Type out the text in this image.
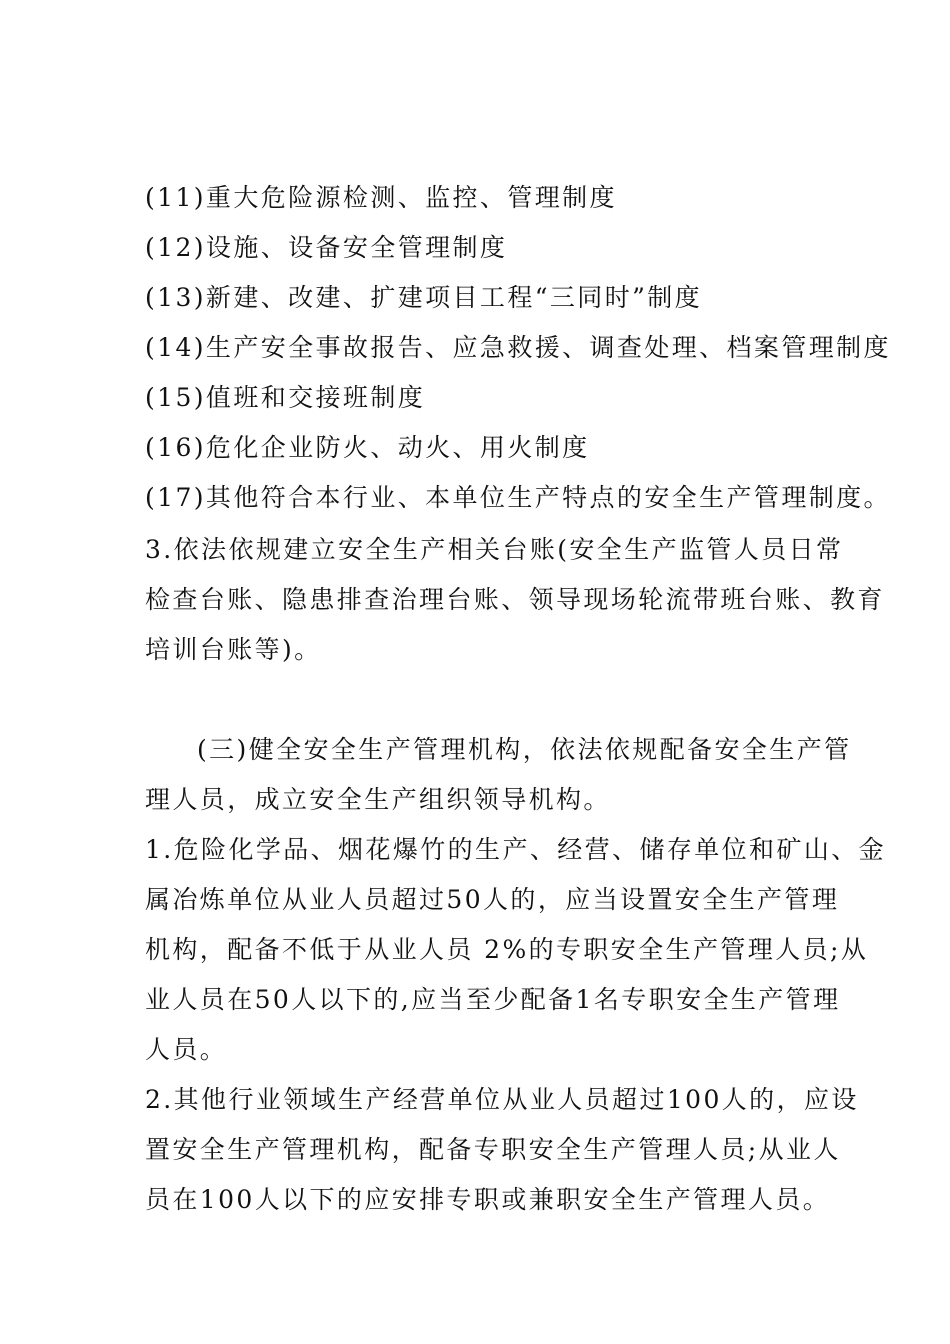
(11)重大危险源检测、监控、管理制度
(12)设施、设备安全管理制度
(13)新建、改建、扩建项目工程“三同时”制度
(14)生产安全事故报告、应急救援、调查处理、档案管理制度
(15)值班和交接班制度
(16)危化企业防火、动火、用火制度
(17)其他符合本行业、本单位生产特点的安全生产管理制度。
3.依法依规建立安全生产相关台账(安全生产监管人员日常
检查台账、隐患排查治理台账、领导现场轮流带班台账、教育
培训台账等)。
(三)健全安全生产管理机构，依法依规配备安全生产管
理人员，成立安全生产组织领导机构。
1.危险化学品、烟花爆竹的生产、经营、储存单位和矿山、金
属冶炼单位从业人员超过50人的，应当设置安全生产管理
机构，配备不低于从业人员 2%的专职安全生产管理人员;从
业人员在50人以下的,应当至少配备1名专职安全生产管理
人员。
2.其他行业领域生产经营单位从业人员超过100人的，应设
置安全生产管理机构，配备专职安全生产管理人员;从业人
员在100人以下的应安排专职或兼职安全生产管理人员。
